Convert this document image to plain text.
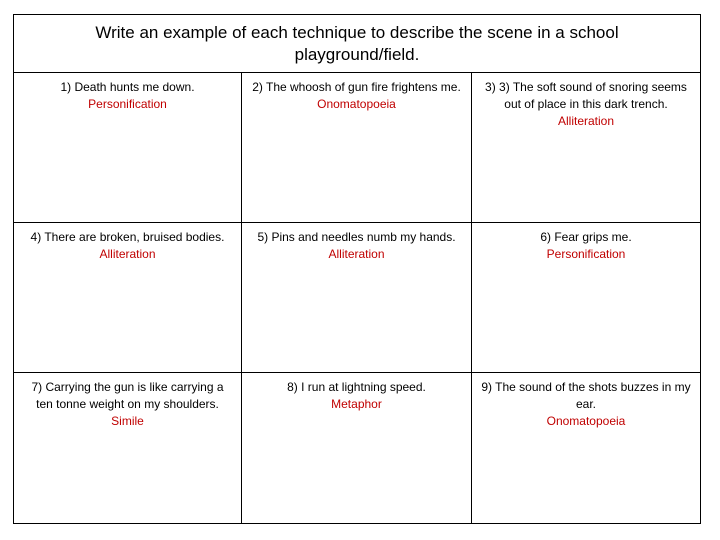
Write an example of each technique to describe the scene in a school playground/field.
1) Death hunts me down.
Personification
2) The whoosh of gun fire frightens me.
Onomatopoeia
3) 3) The soft sound of snoring seems out of place in this dark trench.
Alliteration
4) There are broken, bruised bodies.
Alliteration
5) Pins and needles numb my hands.
Alliteration
6) Fear grips me.
Personification
7) Carrying the gun is like carrying a ten tonne weight on my shoulders.
Simile
8) I run at lightning speed.
Metaphor
9) The sound of the shots buzzes in my ear.
Onomatopoeia
